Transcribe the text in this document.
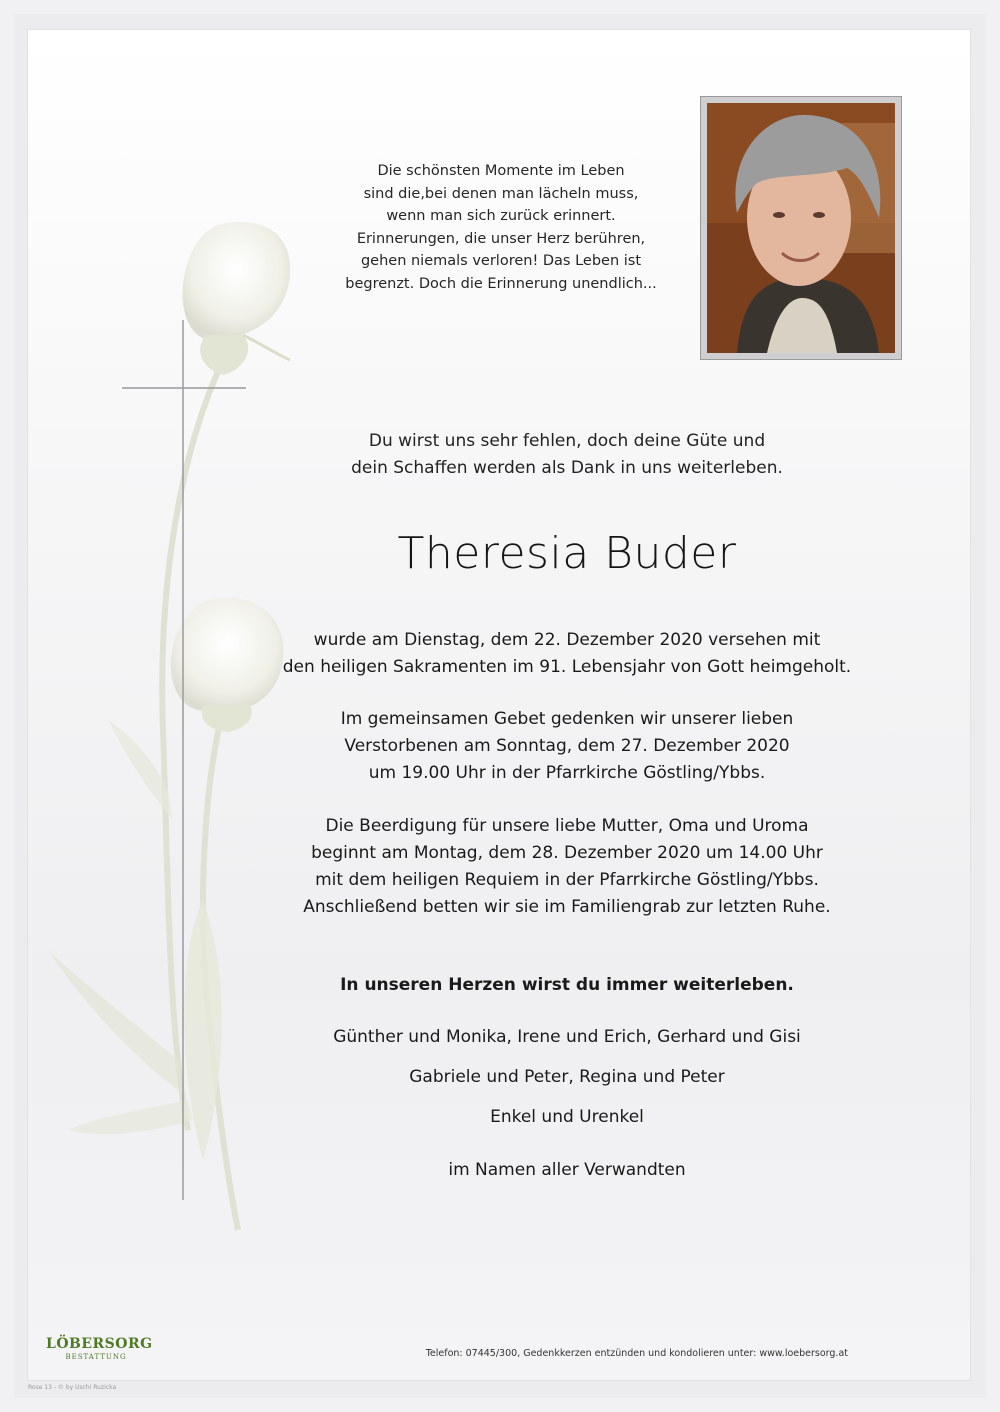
Die schönsten Momente im Leben
sind die,bei denen man lächeln muss,
wenn man sich zurück erinnert.
Erinnerungen, die unser Herz berühren,
gehen niemals verloren! Das Leben ist
begrenzt. Doch die Erinnerung unendlich...
Du wirst uns sehr fehlen, doch deine Güte und
dein Schaffen werden als Dank in uns weiterleben.
Theresia Buder
wurde am Dienstag, dem 22. Dezember 2020 versehen mit
den heiligen Sakramenten im 91. Lebensjahr von Gott heimgeholt.
Im gemeinsamen Gebet gedenken wir unserer lieben
Verstorbenen am Sonntag, dem 27. Dezember 2020
um 19.00 Uhr in der Pfarrkirche Göstling/Ybbs.
Die Beerdigung für unsere liebe Mutter, Oma und Uroma
beginnt am Montag, dem 28. Dezember 2020 um 14.00 Uhr
mit dem heiligen Requiem in der Pfarrkirche Göstling/Ybbs.
Anschließend betten wir sie im Familiengrab zur letzten Ruhe.
In unseren Herzen wirst du immer weiterleben.
Günther und Monika, Irene und Erich, Gerhard und Gisi
Gabriele und Peter, Regina und Peter
Enkel und Urenkel
im Namen aller Verwandten
LÖBERSORG
BESTATTUNG	Telefon: 07445/300, Gedenkkerzen entzünden und kondolieren unter: www.loebersorg.at
Rose 13 - © by Uschi Ruzicka
